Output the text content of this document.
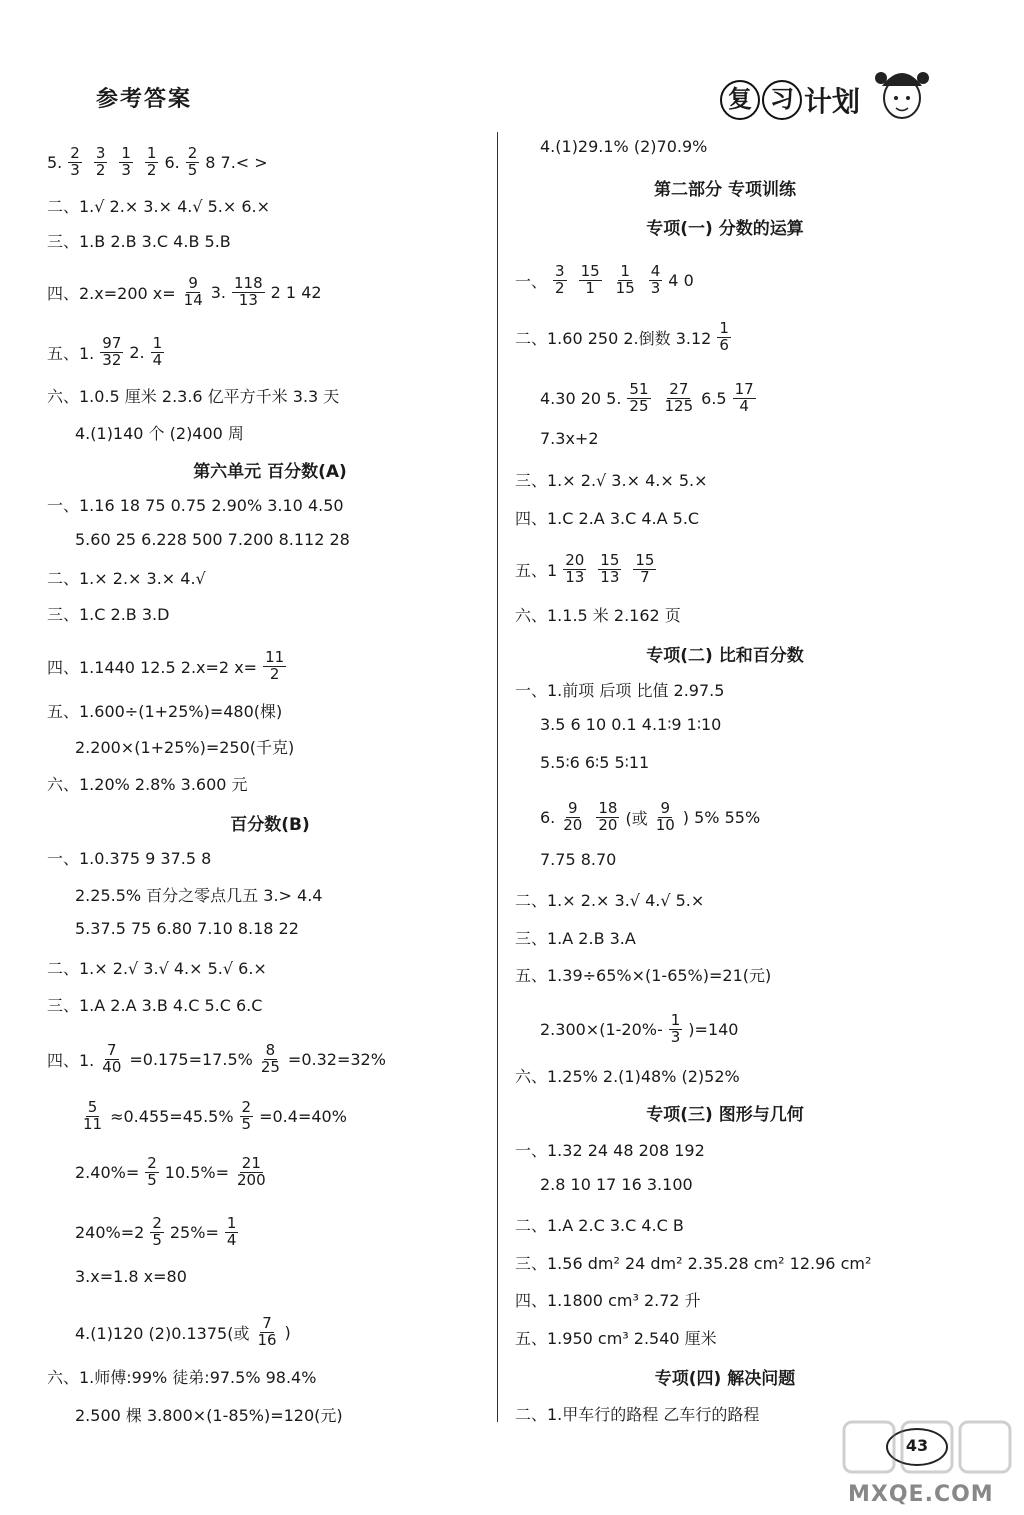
参考答案	复 习 计划
5. $\frac{2}{3} \frac{3}{2} \frac{1}{3} \frac{1}{2} 6$. $\frac{2}{5} 8$ 7.< >
二、1.√ 2.× 3.× 4.√ 5.× 6.×
三、1.B 2.B 3.C 4.B 5.B
四、2.x=200 $x= \frac{9}{14} 3$. $\frac{118}{13} 2$ 1 42
五、1. $\frac{97}{32} 2$. $\frac{1}{4}$
六、1.0.5 厘米 2.3.6 亿平方千米 3.3 天
4.(1)140 个 (2)400 周
第六单元 百分数(A)
一、1.16 18 75 0.75 2.90% 3.10 4.50
5.60 25 6.228 500 7.200 8.112 28
二、1.× 2.× 3.× 4.√
三、1.C 2.B 3.D
四、1.1440 12.5 2.x=2 $x= \frac{11}{2}$
五、1.600÷(1+25%)=480(棵)
2.200×(1+25%)=250(千克)
六、1.20% 2.8% 3.600 元
百分数(B)
一、1.0.375 9 37.5 8
2.25.5% 百分之零点几五 3.> 4.4
5.37.5 75 6.80 7.10 8.18 22
二、1.× 2.√ 3.√ 4.× 5.√ 6.×
三、1.A 2.A 3.B 4.C 5.C 6.C
四、1. $\frac{7}{40} =0.175=17.5\% \frac{8}{25} =0.32=32\%$
$\frac{5}{11} \approx 0.455=45.5\% \frac{2}{5} =0.4=40\%$
$2.40\%= \frac{2}{5} 10.5\%= \frac{21}{200}$
$240\%=2 \frac{2}{5} 25\%= \frac{1}{4}$
3.x=1.8 x=80
4.(1)120 (2)0.1375(或 $\frac{7}{16}$ )
六、1.师傅:99% 徒弟:97.5% 98.4%
2.500 棵 3.800×(1-85%)=120(元)
4.(1)29.1% (2)70.9%
第二部分 专项训练
专项(一) 分数的运算
一、 $\frac{3}{2} \frac{15}{1} \frac{1}{15} \frac{4}{3} 4$ 0
二、1.60 250 2.倒数 $3.12 \frac{1}{6}$
4.30 20 5. $\frac{51}{25} \frac{27}{125} 6.5 \frac{17}{4}$
7.3x+2
三、1.× 2.√ 3.× 4.× 5.×
四、1.C 2.A 3.C 4.A 5.C
五、$1 \frac{20}{13} \frac{15}{13} \frac{15}{7}$
六、1.1.5 米 2.162 页
专项(二) 比和百分数
一、1.前项 后项 比值 2.97.5
3.5 6 10 0.1 4.1∶9 1∶10
5.5∶6 6∶5 5∶11
6. $\frac{9}{20} \frac{18}{20}$ (或 $\frac{9}{10}$ ) 5% 55%
7.75 8.70
二、1.× 2.× 3.√ 4.√ 5.×
三、1.A 2.B 3.A
五、1.39÷65%×(1-65%)=21(元)
$2.300\times(1-20\%- \frac{1}{3} )=140$
六、1.25% 2.(1)48% (2)52%
专项(三) 图形与几何
一、1.32 24 48 208 192
2.8 10 17 16 3.100
二、1.A 2.C 3.C 4.C B
三、1.56 dm² 24 dm² 2.35.28 cm² 12.96 cm²
四、1.1800 cm³ 2.72 升
五、1.950 cm³ 2.540 厘米
专项(四) 解决问题
二、1.甲车行的路程 乙车行的路程
43
MXQE.COM
